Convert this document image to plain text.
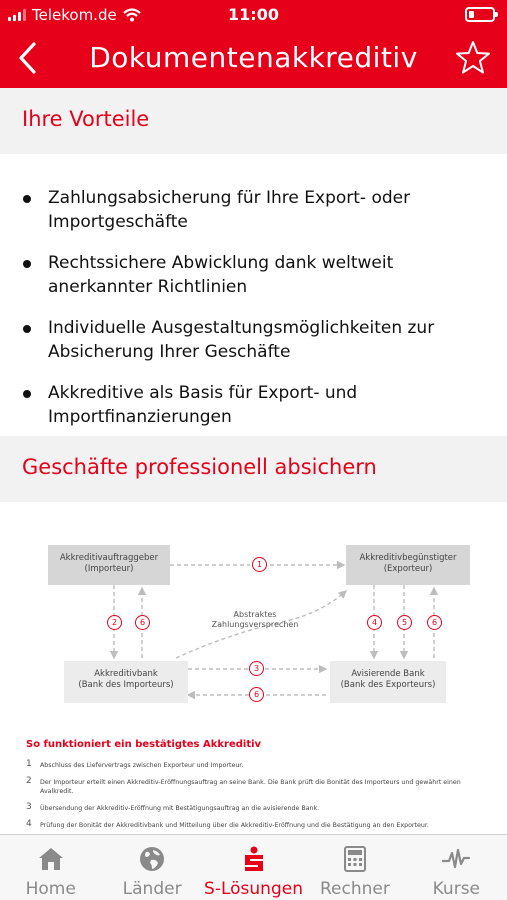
Telekom.de	11:00
Dokumentenakkreditiv
Ihre Vorteile
Zahlungsabsicherung für Ihre Export- oder Importgeschäfte
Rechtssichere Abwicklung dank weltweit anerkannter Richtlinien
Individuelle Ausgestaltungsmöglichkeiten zur Absicherung Ihrer Geschäfte
Akkreditive als Basis für Export- und Importfinanzierungen
Geschäfte professionell absichern
Akkreditivauftraggeber
(Importeur)
Akkreditivbegünstigter
(Exporteur)
Akkreditivbank
(Bank des Importeurs)
Avisierende Bank
(Bank des Exporteurs)
Abstraktes
Zahlungsversprechen
1
2	6	4	5	6
3
6
So funktioniert ein bestätigtes Akkreditiv
1 Abschluss des Liefervertrags zwischen Exporteur und Importeur.
2 Der Importeur erteilt einen Akkreditiv-Eröffnungsauftrag an seine Bank. Die Bank prüft die Bonität des Importeurs und gewährt einen Avalkredit.
3 Übersendung der Akkreditiv-Eröffnung mit Bestätigungsauftrag an die avisierende Bank.
4 Prüfung der Bonität der Akkreditivbank und Mitteilung über die Akkreditiv-Eröffnung und die Bestätigung an den Exporteur.
Home	Länder	S-Lösungen	Rechner	Kurse
